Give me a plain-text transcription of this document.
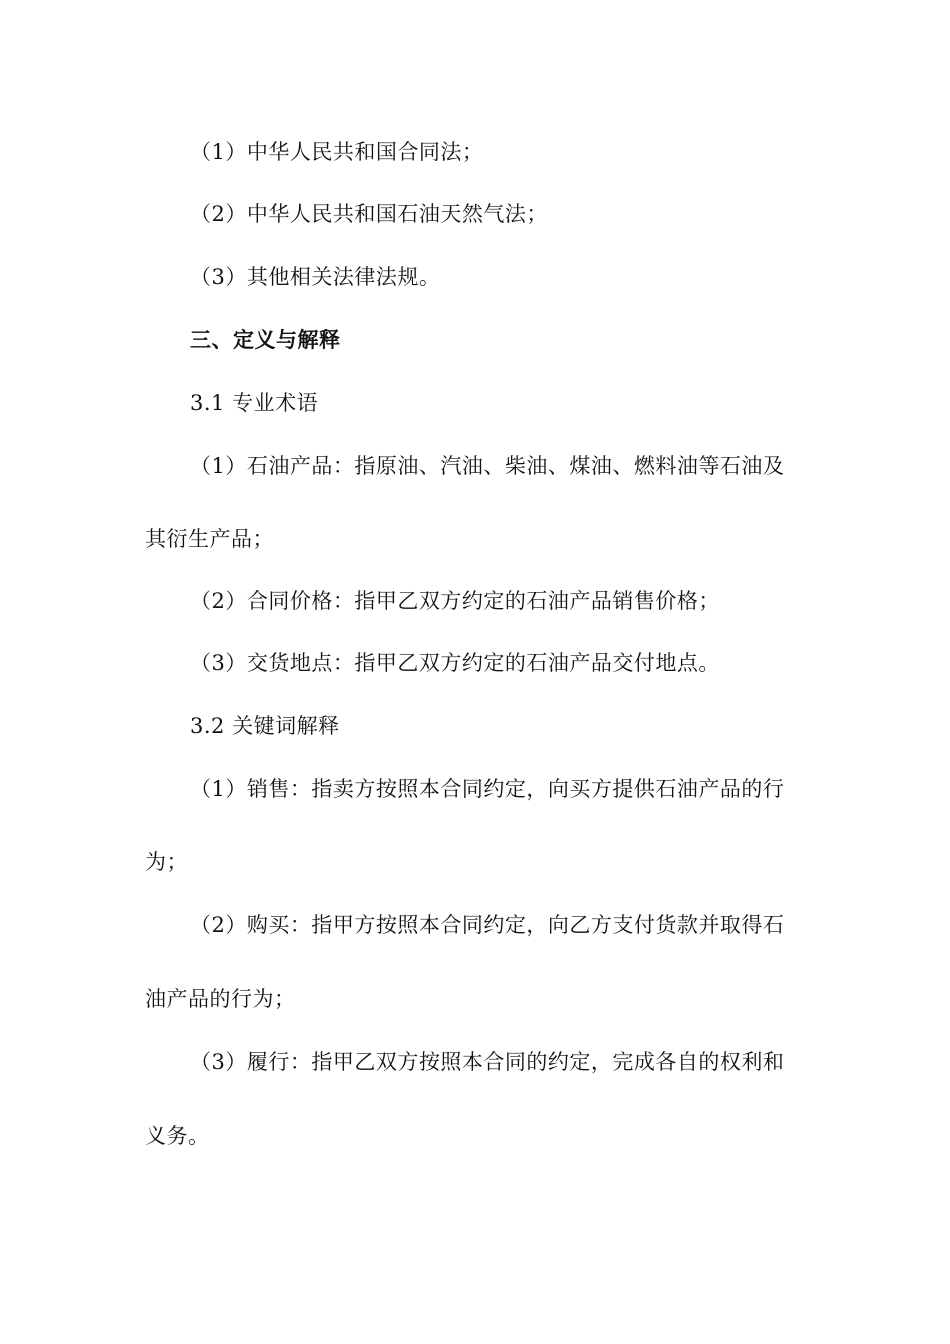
（1）中华人民共和国合同法；
（2）中华人民共和国石油天然气法；
（3）其他相关法律法规。
三、定义与解释
3.1 专业术语
（1）石油产品：指原油、汽油、柴油、煤油、燃料油等石油及
其衍生产品；
（2）合同价格：指甲乙双方约定的石油产品销售价格；
（3）交货地点：指甲乙双方约定的石油产品交付地点。
3.2 关键词解释
（1）销售：指卖方按照本合同约定，向买方提供石油产品的行
为；
（2）购买：指甲方按照本合同约定，向乙方支付货款并取得石
油产品的行为；
（3）履行：指甲乙双方按照本合同的约定，完成各自的权利和
义务。
